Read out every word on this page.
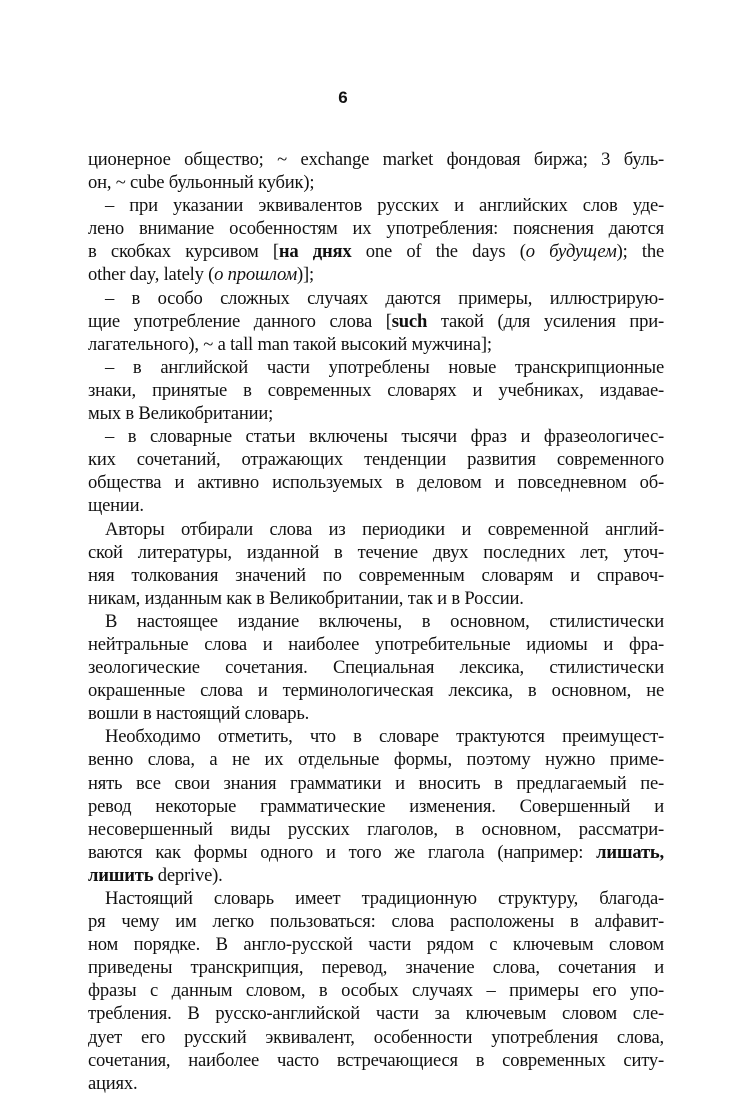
6
ционерное общество; ~ exchange market фондовая биржа; 3 буль-
он, ~ cube бульонный кубик);
– при указании эквивалентов русских и английских слов уде-
лено внимание особенностям их употребления: пояснения даются
в скобках курсивом [на днях one of the days (о будущем); the
other day, lately (о прошлом)];
– в особо сложных случаях даются примеры, иллюстрирую-
щие употребление данного слова [such такой (для усиления при-
лагательного), ~ a tall man такой высокий мужчина];
– в английской части употреблены новые транскрипционные
знаки, принятые в современных словарях и учебниках, издавае-
мых в Великобритании;
– в словарные статьи включены тысячи фраз и фразеологичес-
ких сочетаний, отражающих тенденции развития современного
общества и активно используемых в деловом и повседневном об-
щении.
Авторы отбирали слова из периодики и современной англий-
ской литературы, изданной в течение двух последних лет, уточ-
няя толкования значений по современным словарям и справоч-
никам, изданным как в Великобритании, так и в России.
В настоящее издание включены, в основном, стилистически
нейтральные слова и наиболее употребительные идиомы и фра-
зеологические сочетания. Специальная лексика, стилистически
окрашенные слова и терминологическая лексика, в основном, не
вошли в настоящий словарь.
Необходимо отметить, что в словаре трактуются преимущест-
венно слова, а не их отдельные формы, поэтому нужно приме-
нять все свои знания грамматики и вносить в предлагаемый пе-
ревод некоторые грамматические изменения. Совершенный и
несовершенный виды русских глаголов, в основном, рассматри-
ваются как формы одного и того же глагола (например: лишать,
лишить deprive).
Настоящий словарь имеет традиционную структуру, благода-
ря чему им легко пользоваться: слова расположены в алфавит-
ном порядке. В англо-русской части рядом с ключевым словом
приведены транскрипция, перевод, значение слова, сочетания и
фразы с данным словом, в особых случаях – примеры его упо-
требления. В русско-английской части за ключевым словом сле-
дует его русский эквивалент, особенности употребления слова,
сочетания, наиболее часто встречающиеся в современных ситу-
ациях.
